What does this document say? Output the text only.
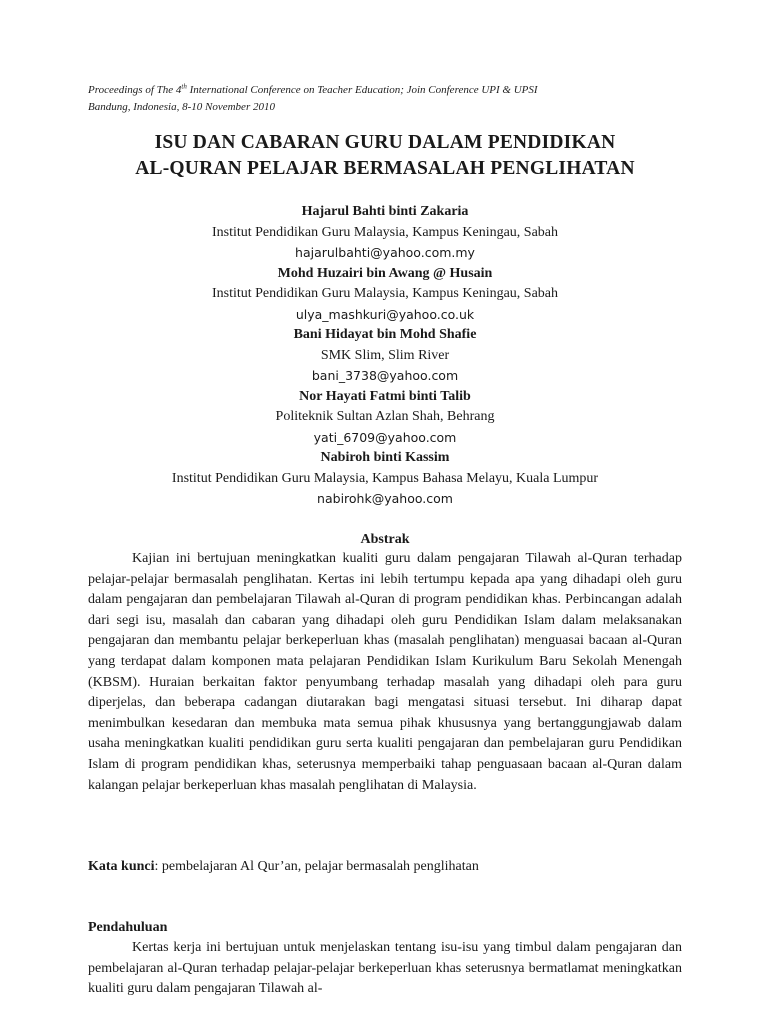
Proceedings of The 4th International Conference on Teacher Education; Join Conference UPI & UPSI
Bandung, Indonesia, 8-10 November 2010
ISU DAN CABARAN GURU DALAM PENDIDIKAN
AL-QURAN PELAJAR BERMASALAH PENGLIHATAN
Hajarul Bahti binti Zakaria
Institut Pendidikan Guru Malaysia, Kampus Keningau, Sabah
hajarulbahti@yahoo.com.my
Mohd Huzairi bin Awang @ Husain
Institut Pendidikan Guru Malaysia, Kampus Keningau, Sabah
ulya_mashkuri@yahoo.co.uk
Bani Hidayat bin Mohd Shafie
SMK Slim, Slim River
bani_3738@yahoo.com
Nor Hayati Fatmi binti Talib
Politeknik Sultan Azlan Shah, Behrang
yati_6709@yahoo.com
Nabiroh binti Kassim
Institut Pendidikan Guru Malaysia, Kampus Bahasa Melayu, Kuala Lumpur
nabirohk@yahoo.com
Abstrak

Kajian ini bertujuan meningkatkan kualiti guru dalam pengajaran Tilawah al-Quran terhadap pelajar-pelajar bermasalah penglihatan. Kertas ini lebih tertumpu kepada apa yang dihadapi oleh guru dalam pengajaran dan pembelajaran Tilawah al-Quran di program pendidikan khas. Perbincangan adalah dari segi isu, masalah dan cabaran yang dihadapi oleh guru Pendidikan Islam dalam melaksanakan pengajaran dan membantu pelajar berkeperluan khas (masalah penglihatan) menguasai bacaan al-Quran yang terdapat dalam komponen mata pelajaran Pendidikan Islam Kurikulum Baru Sekolah Menengah (KBSM). Huraian berkaitan faktor penyumbang terhadap masalah yang dihadapi oleh para guru diperjelas, dan beberapa cadangan diutarakan bagi mengatasi situasi tersebut. Ini diharap dapat menimbulkan kesedaran dan membuka mata semua pihak khususnya yang bertanggungjawab dalam usaha meningkatkan kualiti pendidikan guru serta kualiti pengajaran dan pembelajaran guru Pendidikan Islam di program pendidikan khas, seterusnya memperbaiki tahap penguasaan bacaan al-Quran dalam kalangan pelajar berkeperluan khas masalah penglihatan di Malaysia.

Kata kunci: pembelajaran Al Qur’an, pelajar bermasalah penglihatan
Pendahuluan

Kertas kerja ini bertujuan untuk menjelaskan tentang isu-isu yang timbul dalam pengajaran dan pembelajaran al-Quran terhadap pelajar-pelajar berkeperluan khas seterusnya bermatlamat meningkatkan kualiti guru dalam pengajaran Tilawah al-
